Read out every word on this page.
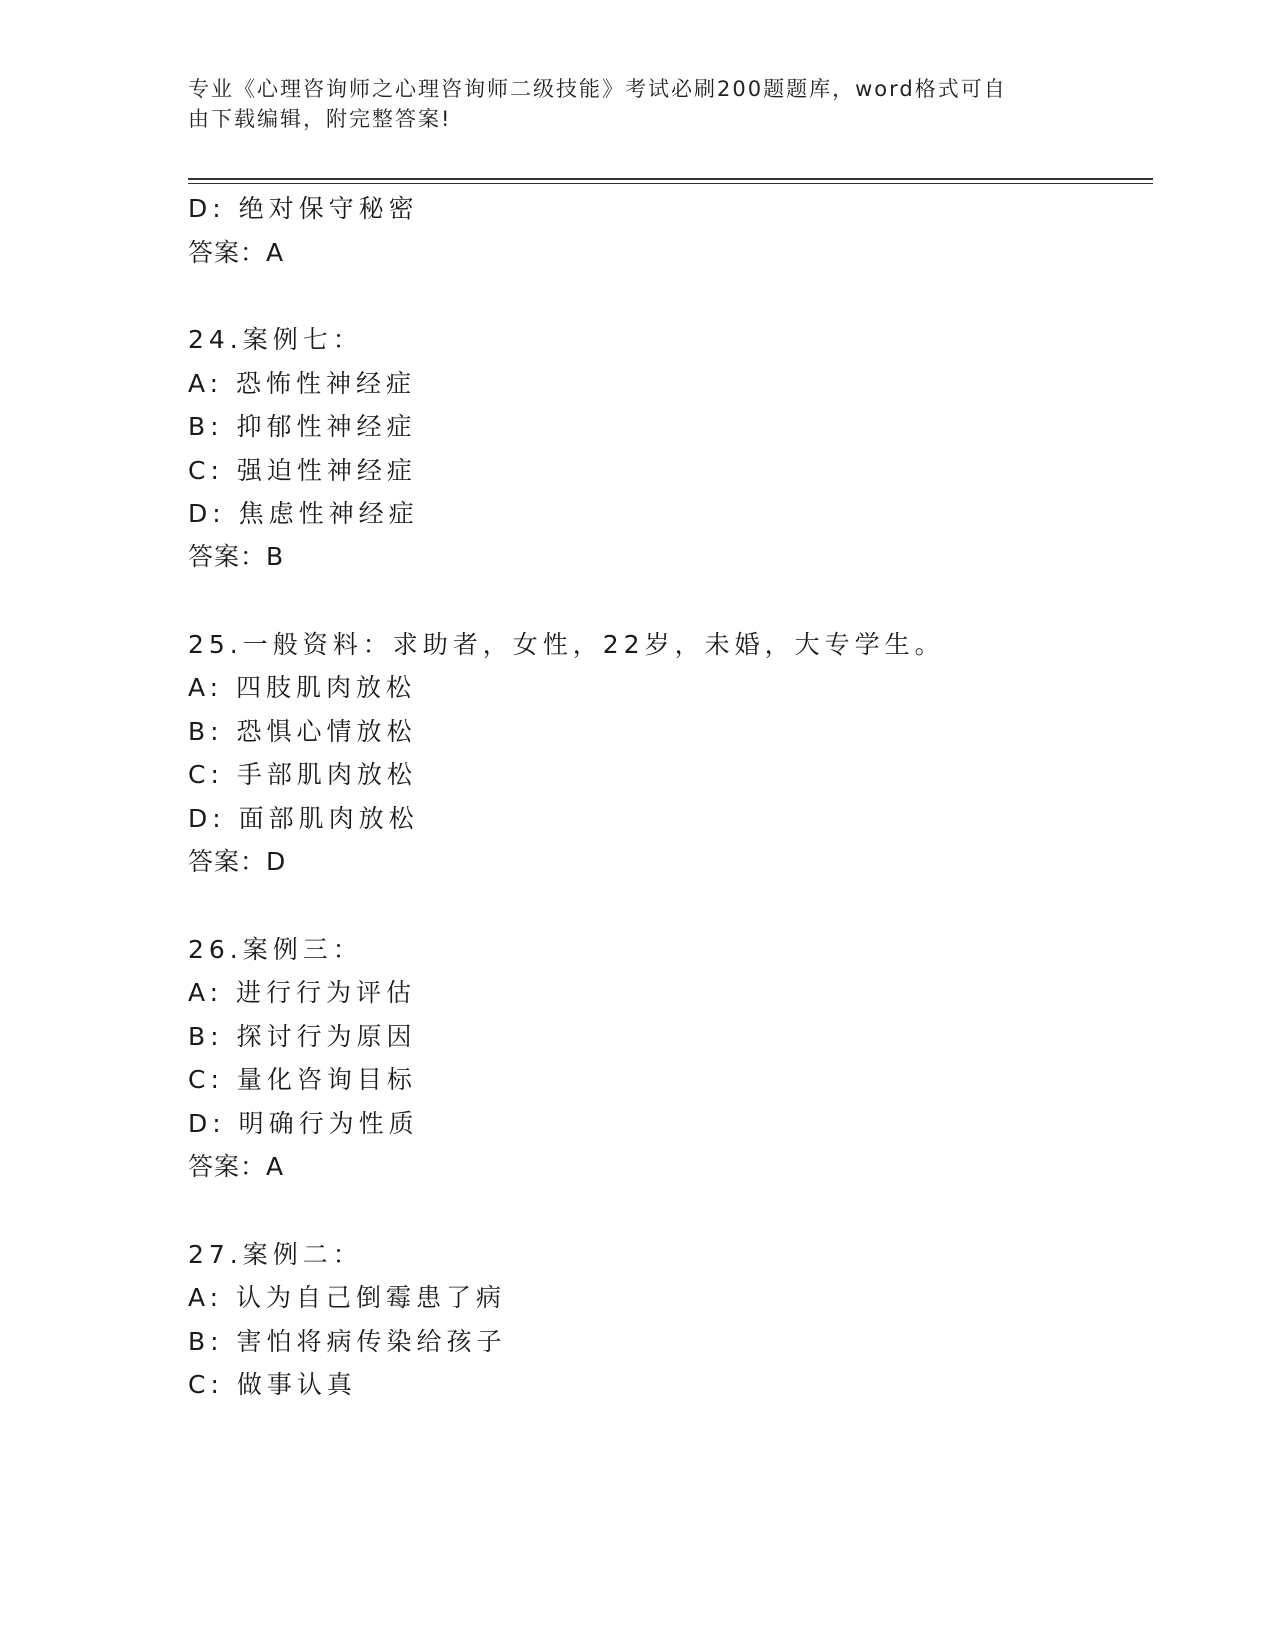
专业《心理咨询师之心理咨询师二级技能》考试必刷200题题库，word格式可自
由下载编辑，附完整答案!
D: 绝对保守秘密
答案：A
24.案例七：
A: 恐怖性神经症
B: 抑郁性神经症
C: 强迫性神经症
D: 焦虑性神经症
答案：B
25.一般资料：求助者，女性，22岁，未婚，大专学生。
A: 四肢肌肉放松
B: 恐惧心情放松
C: 手部肌肉放松
D: 面部肌肉放松
答案：D
26.案例三：
A: 进行行为评估
B: 探讨行为原因
C: 量化咨询目标
D: 明确行为性质
答案：A
27.案例二：
A: 认为自己倒霉患了病
B: 害怕将病传染给孩子
C: 做事认真
